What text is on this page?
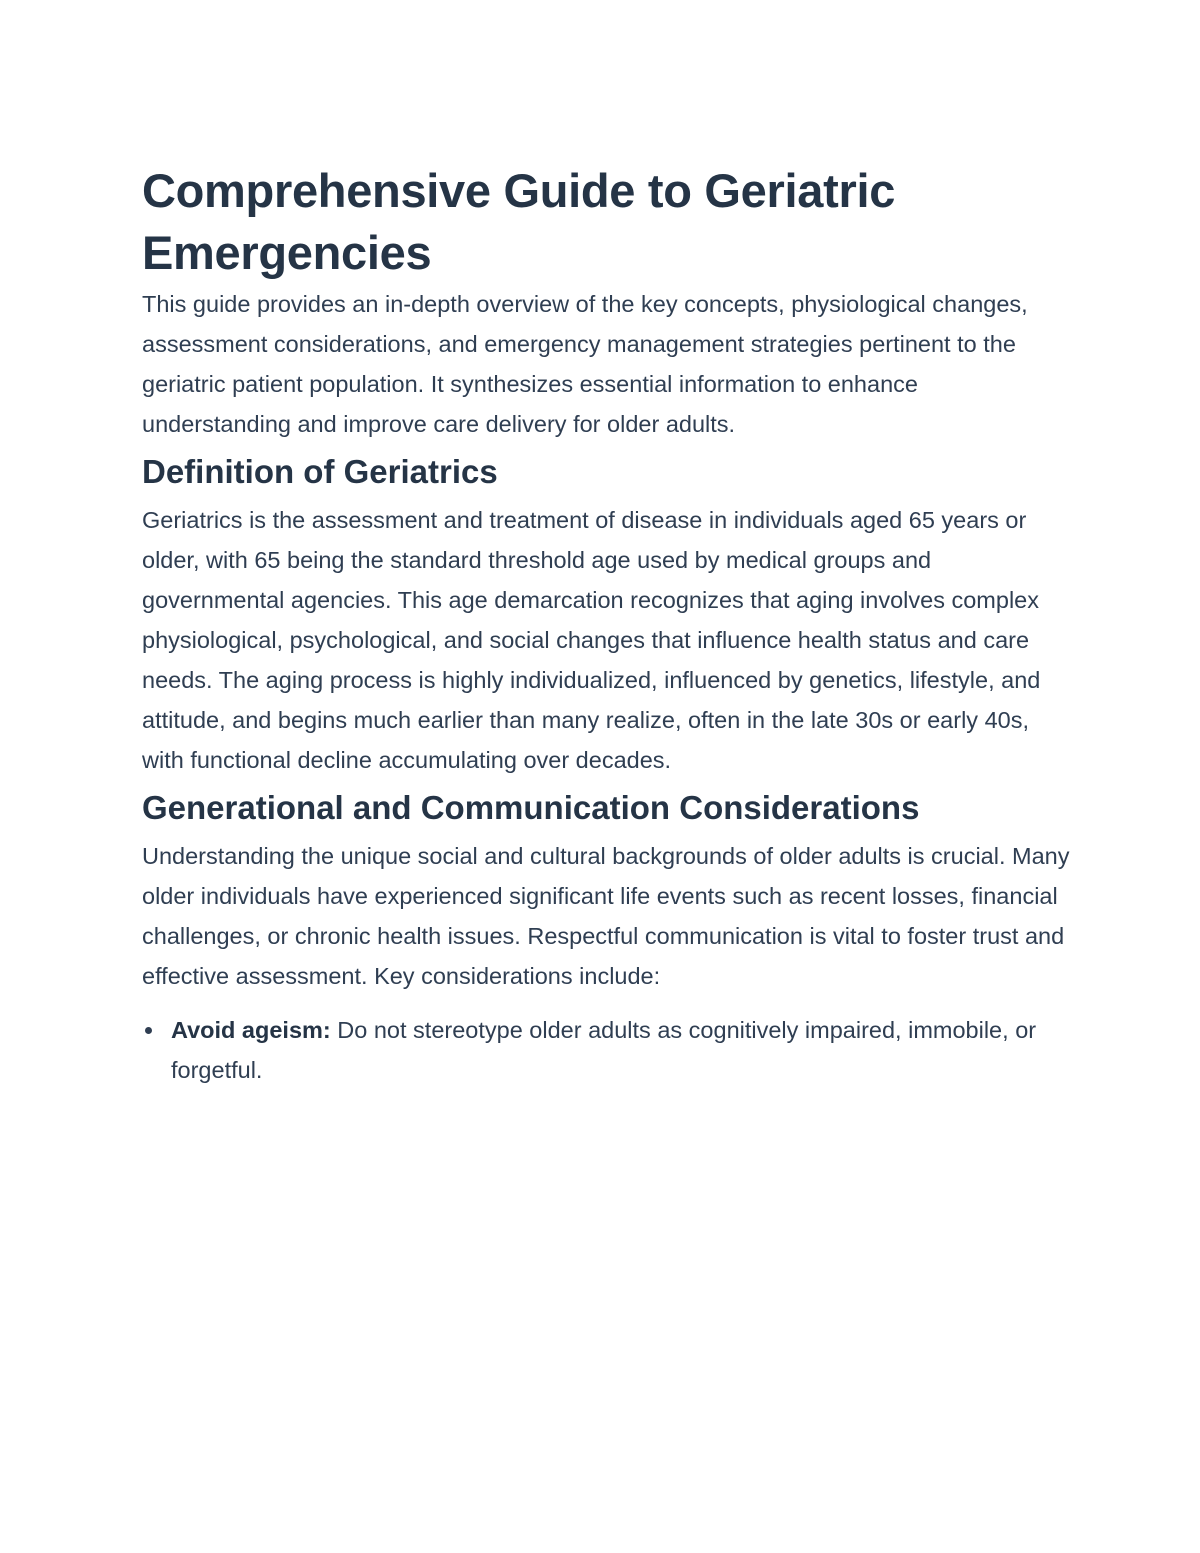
Comprehensive Guide to Geriatric Emergencies

This guide provides an in-depth overview of the key concepts, physiological changes, assessment considerations, and emergency management strategies pertinent to the geriatric patient population. It synthesizes essential information to enhance understanding and improve care delivery for older adults.

Definition of Geriatrics

Geriatrics is the assessment and treatment of disease in individuals aged 65 years or older, with 65 being the standard threshold age used by medical groups and governmental agencies. This age demarcation recognizes that aging involves complex physiological, psychological, and social changes that influence health status and care needs. The aging process is highly individualized, influenced by genetics, lifestyle, and attitude, and begins much earlier than many realize, often in the late 30s or early 40s, with functional decline accumulating over decades.

Generational and Communication Considerations

Understanding the unique social and cultural backgrounds of older adults is crucial. Many older individuals have experienced significant life events such as recent losses, financial challenges, or chronic health issues. Respectful communication is vital to foster trust and effective assessment. Key considerations include:

Avoid ageism: Do not stereotype older adults as cognitively impaired, immobile, or forgetful.
